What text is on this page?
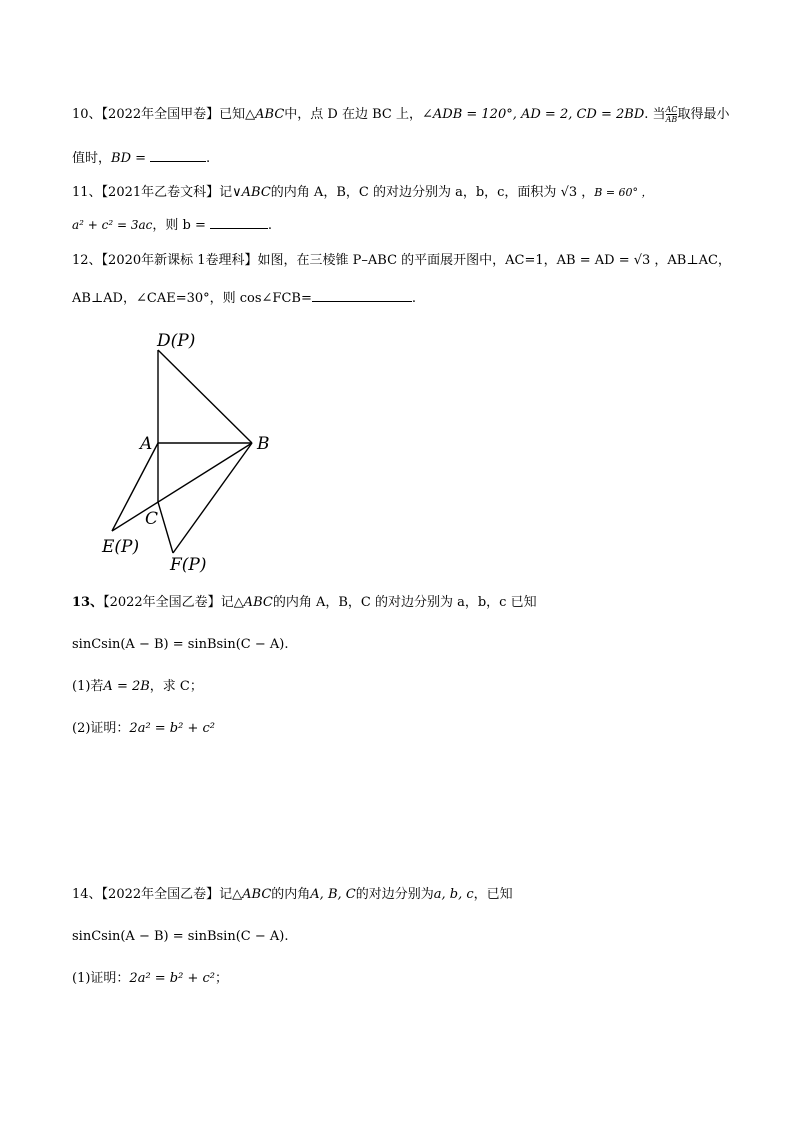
10、【2022年全国甲卷】已知△ABC中，点 D 在边 BC 上，∠ADB = 120°, AD = 2, CD = 2BD. 当 $\frac{AC}{AB}$ 取得最小
值时，BD =	.
11、【2021年乙卷文科】记∨ABC的内角 A，B，C 的对边分别为 a，b，c，面积为 √3 ，B = 60° ，
a² + c² = 3ac，则 b =	.
12、【2020年新课标 1卷理科】如图，在三棱锥 P–ABC 的平面展开图中，AC=1，AB = AD = √3 ，AB⊥AC，
AB⊥AD，∠CAE=30°，则 cos∠FCB=	.
D(P)
A	B
C
E(P)
F(P)
13、【2022年全国乙卷】记△ABC的内角 A，B，C 的对边分别为 a，b，c 已知
sinCsin(A − B) = sinBsin(C − A).
(1)若A = 2B，求 C；
(2)证明：2a² = b² + c²
14、【2022年全国乙卷】记△ABC的内角A, B, C的对边分别为a, b, c，已知
sinCsin(A − B) = sinBsin(C − A).
(1)证明：2a² = b² + c²；
